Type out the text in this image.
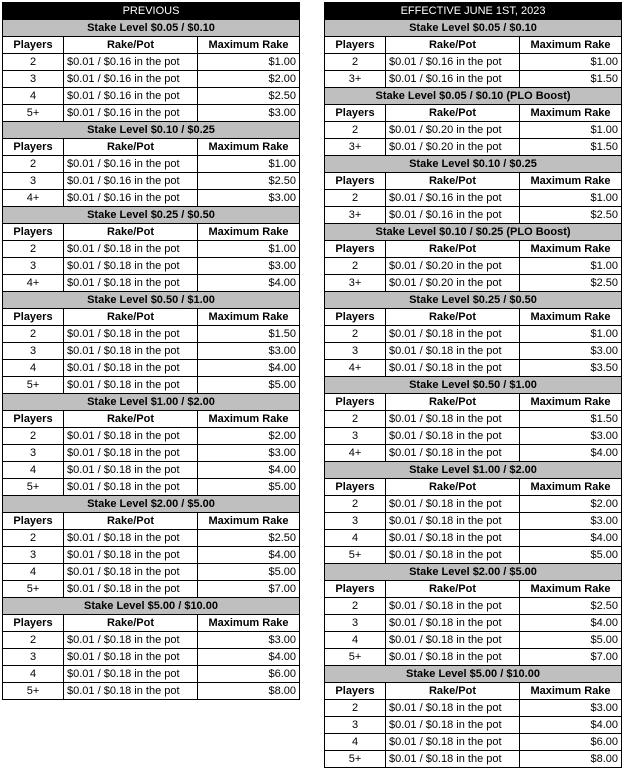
PREVIOUS		
Stake Level $0.05 / $0.10		
Players	Rake/Pot	Maximum Rake
2	$0.01 / $0.16 in the pot	$1.00
3	$0.01 / $0.16 in the pot	$2.00
4	$0.01 / $0.16 in the pot	$2.50
5+	$0.01 / $0.16 in the pot	$3.00
Stake Level $0.10 / $0.25		
Players	Rake/Pot	Maximum Rake
2	$0.01 / $0.16 in the pot	$1.00
3	$0.01 / $0.16 in the pot	$2.50
4+	$0.01 / $0.16 in the pot	$3.00
Stake Level $0.25 / $0.50		
Players	Rake/Pot	Maximum Rake
2	$0.01 / $0.18 in the pot	$1.00
3	$0.01 / $0.18 in the pot	$3.00
4+	$0.01 / $0.18 in the pot	$4.00
Stake Level $0.50 / $1.00		
Players	Rake/Pot	Maximum Rake
2	$0.01 / $0.18 in the pot	$1.50
3	$0.01 / $0.18 in the pot	$3.00
4	$0.01 / $0.18 in the pot	$4.00
5+	$0.01 / $0.18 in the pot	$5.00
Stake Level $1.00 / $2.00		
Players	Rake/Pot	Maximum Rake
2	$0.01 / $0.18 in the pot	$2.00
3	$0.01 / $0.18 in the pot	$3.00
4	$0.01 / $0.18 in the pot	$4.00
5+	$0.01 / $0.18 in the pot	$5.00
Stake Level $2.00 / $5.00		
Players	Rake/Pot	Maximum Rake
2	$0.01 / $0.18 in the pot	$2.50
3	$0.01 / $0.18 in the pot	$4.00
4	$0.01 / $0.18 in the pot	$5.00
5+	$0.01 / $0.18 in the pot	$7.00
Stake Level $5.00 / $10.00		
Players	Rake/Pot	Maximum Rake
2	$0.01 / $0.18 in the pot	$3.00
3	$0.01 / $0.18 in the pot	$4.00
4	$0.01 / $0.18 in the pot	$6.00
5+	$0.01 / $0.18 in the pot	$8.00
EFFECTIVE JUNE 1ST, 2023		
Stake Level $0.05 / $0.10		
Players	Rake/Pot	Maximum Rake
2	$0.01 / $0.16 in the pot	$1.00
3+	$0.01 / $0.16 in the pot	$1.50
Stake Level $0.05 / $0.10 (PLO Boost)		
Players	Rake/Pot	Maximum Rake
2	$0.01 / $0.20 in the pot	$1.00
3+	$0.01 / $0.20 in the pot	$1.50
Stake Level $0.10 / $0.25		
Players	Rake/Pot	Maximum Rake
2	$0.01 / $0.16 in the pot	$1.00
3+	$0.01 / $0.16 in the pot	$2.50
Stake Level $0.10 / $0.25 (PLO Boost)		
Players	Rake/Pot	Maximum Rake
2	$0.01 / $0.20 in the pot	$1.00
3+	$0.01 / $0.20 in the pot	$2.50
Stake Level $0.25 / $0.50		
Players	Rake/Pot	Maximum Rake
2	$0.01 / $0.18 in the pot	$1.00
3	$0.01 / $0.18 in the pot	$3.00
4+	$0.01 / $0.18 in the pot	$3.50
Stake Level $0.50 / $1.00		
Players	Rake/Pot	Maximum Rake
2	$0.01 / $0.18 in the pot	$1.50
3	$0.01 / $0.18 in the pot	$3.00
4+	$0.01 / $0.18 in the pot	$4.00
Stake Level $1.00 / $2.00		
Players	Rake/Pot	Maximum Rake
2	$0.01 / $0.18 in the pot	$2.00
3	$0.01 / $0.18 in the pot	$3.00
4	$0.01 / $0.18 in the pot	$4.00
5+	$0.01 / $0.18 in the pot	$5.00
Stake Level $2.00 / $5.00		
Players	Rake/Pot	Maximum Rake
2	$0.01 / $0.18 in the pot	$2.50
3	$0.01 / $0.18 in the pot	$4.00
4	$0.01 / $0.18 in the pot	$5.00
5+	$0.01 / $0.18 in the pot	$7.00
Stake Level $5.00 / $10.00		
Players	Rake/Pot	Maximum Rake
2	$0.01 / $0.18 in the pot	$3.00
3	$0.01 / $0.18 in the pot	$4.00
4	$0.01 / $0.18 in the pot	$6.00
5+	$0.01 / $0.18 in the pot	$8.00
